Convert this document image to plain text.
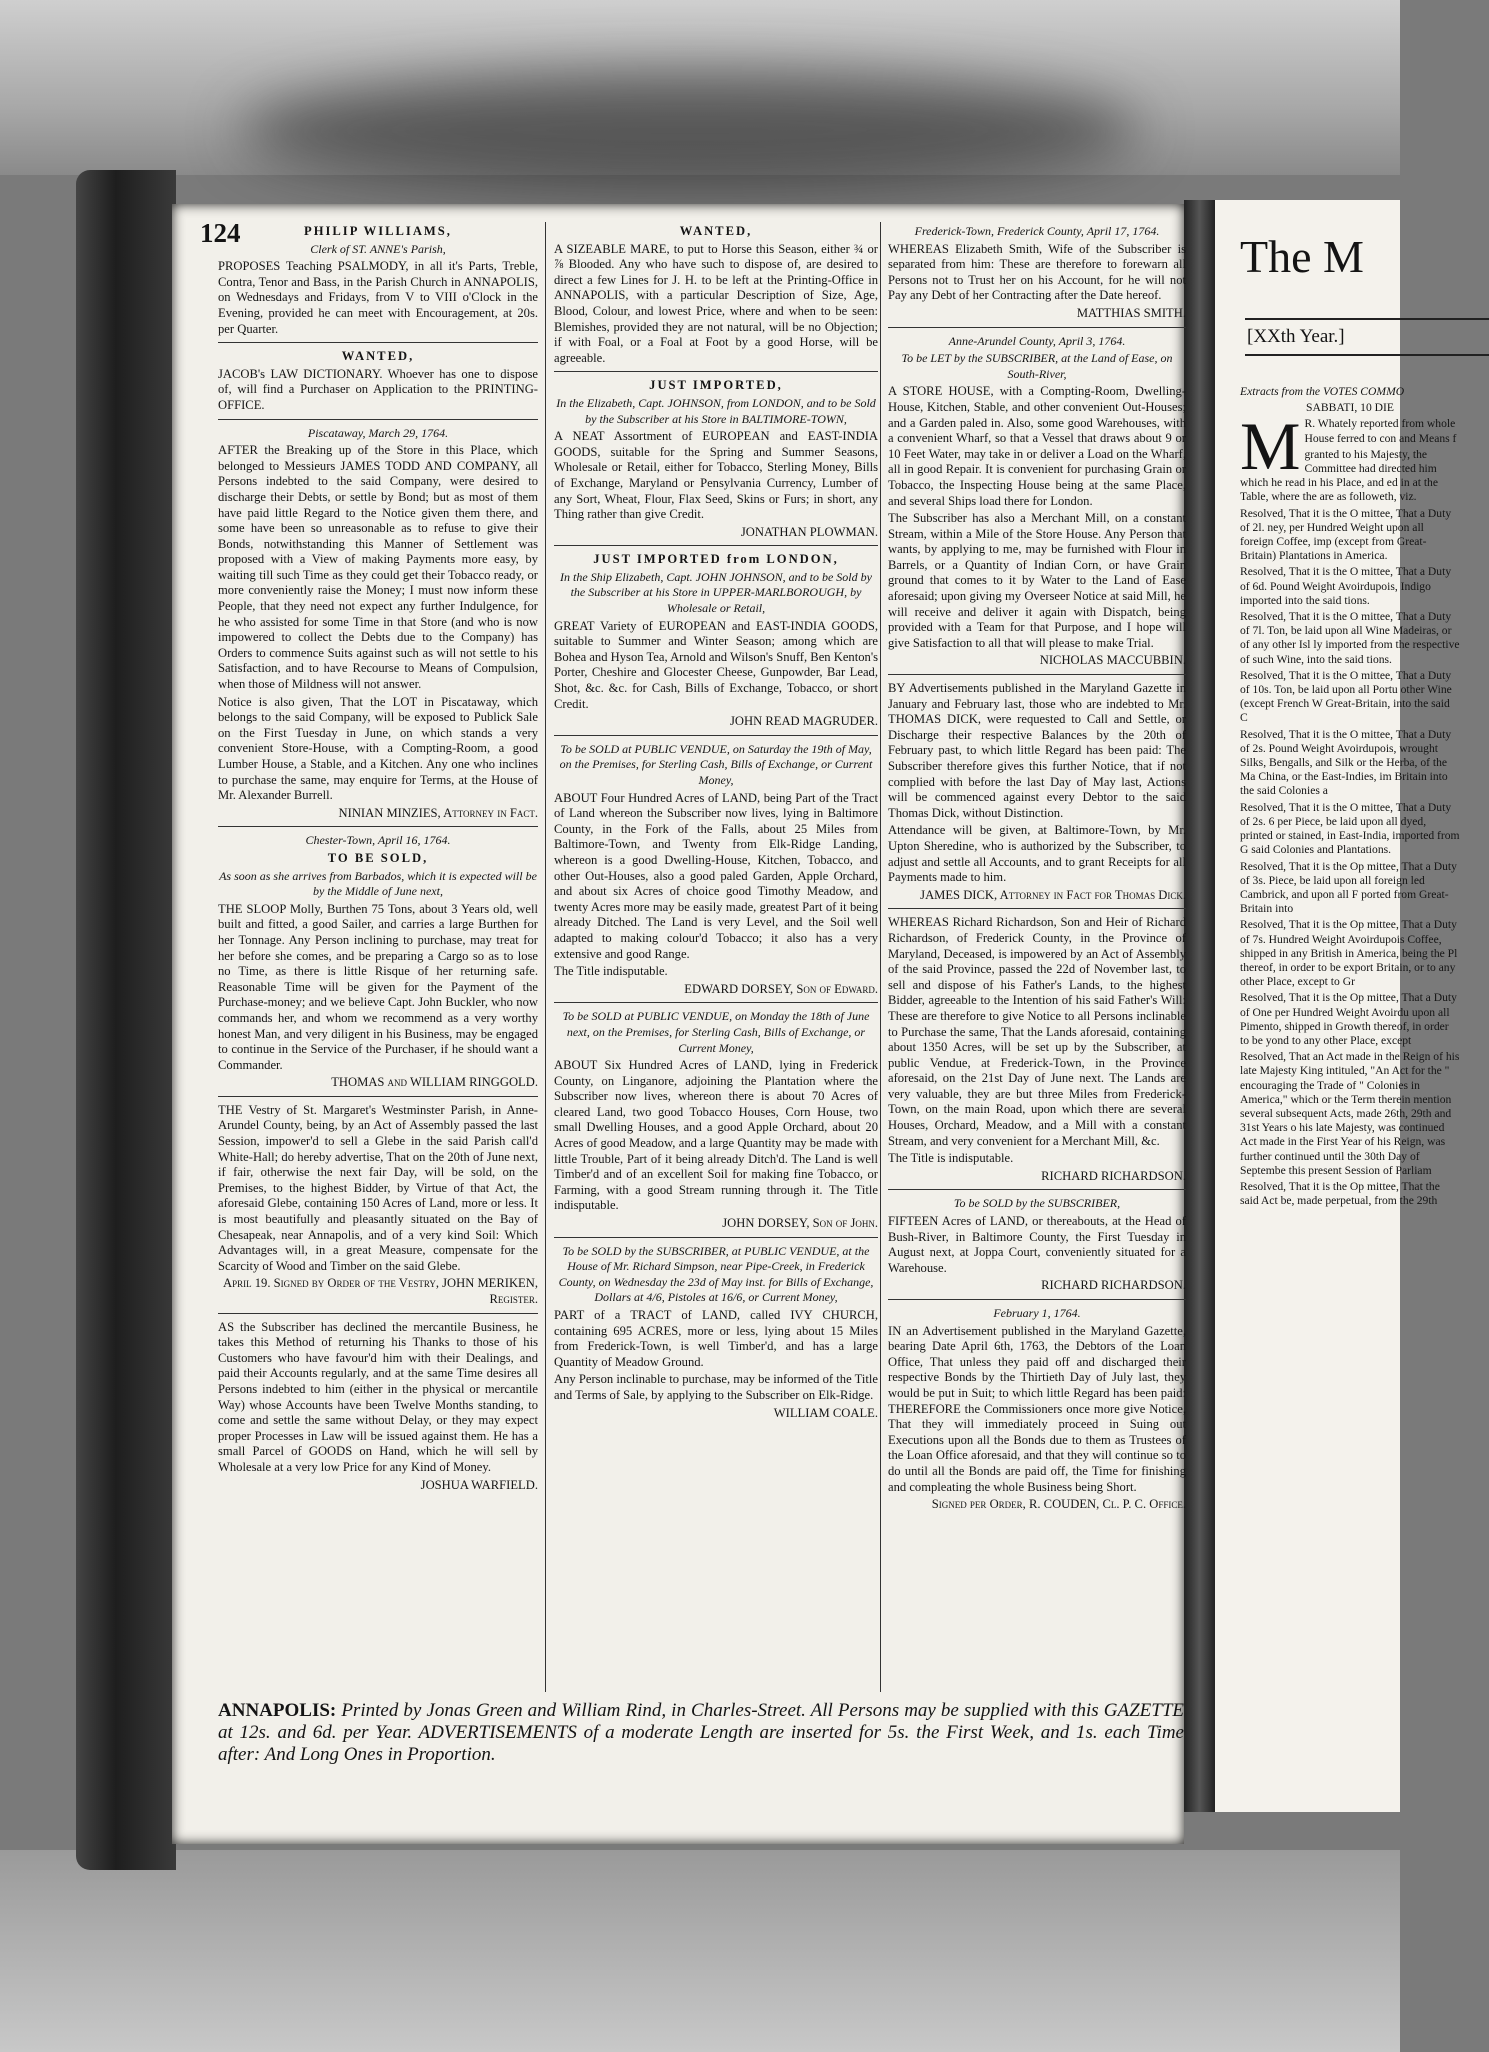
124	PHILIP WILLIAMS,

Clerk of ST. ANNE's Parish,

PROPOSES Teaching PSALMODY, in all it's Parts, Treble, Contra, Tenor and Bass, in the Parish Church in ANNAPOLIS, on Wednesdays and Fridays, from V to VIII o'Clock in the Evening, provided he can meet with Encouragement, at 20s. per Quarter.

WANTED,

JACOB's LAW DICTIONARY. Whoever has one to dispose of, will find a Purchaser on Application to the PRINTING-OFFICE.

Piscataway, March 29, 1764.

AFTER the Breaking up of the Store in this Place, which belonged to Messieurs JAMES TODD AND COMPANY, all Persons indebted to the said Company, were desired to discharge their Debts, or settle by Bond; but as most of them have paid little Regard to the Notice given them there, and some have been so unreasonable as to refuse to give their Bonds, notwithstanding this Manner of Settlement was proposed with a View of making Payments more easy, by waiting till such Time as they could get their Tobacco ready, or more conveniently raise the Money; I must now inform these People, that they need not expect any further Indulgence, for he who assisted for some Time in that Store (and who is now impowered to collect the Debts due to the Company) has Orders to commence Suits against such as will not settle to his Satisfaction, and to have Recourse to Means of Compulsion, when those of Mildness will not answer.

Notice is also given, That the LOT in Piscataway, which belongs to the said Company, will be exposed to Publick Sale on the First Tuesday in June, on which stands a very convenient Store-House, with a Compting-Room, a good Lumber House, a Stable, and a Kitchen. Any one who inclines to purchase the same, may enquire for Terms, at the House of Mr. Alexander Burrell.

NINIAN MINZIES, Attorney in Fact.

Chester-Town, April 16, 1764.

TO BE SOLD,

As soon as she arrives from Barbados, which it is expected will be by the Middle of June next,

THE SLOOP Molly, Burthen 75 Tons, about 3 Years old, well built and fitted, a good Sailer, and carries a large Burthen for her Tonnage. Any Person inclining to purchase, may treat for her before she comes, and be preparing a Cargo so as to lose no Time, as there is little Risque of her returning safe. Reasonable Time will be given for the Payment of the Purchase-money; and we believe Capt. John Buckler, who now commands her, and whom we recommend as a very worthy honest Man, and very diligent in his Business, may be engaged to continue in the Service of the Purchaser, if he should want a Commander.

THOMAS and WILLIAM RINGGOLD.

THE Vestry of St. Margaret's Westminster Parish, in Anne-Arundel County, being, by an Act of Assembly passed the last Session, impower'd to sell a Glebe in the said Parish call'd White-Hall; do hereby advertise, That on the 20th of June next, if fair, otherwise the next fair Day, will be sold, on the Premises, to the highest Bidder, by Virtue of that Act, the aforesaid Glebe, containing 150 Acres of Land, more or less. It is most beautifully and pleasantly situated on the Bay of Chesapeak, near Annapolis, and of a very kind Soil: Which Advantages will, in a great Measure, compensate for the Scarcity of Wood and Timber on the said Glebe.

April 19. Signed by Order of the Vestry, JOHN MERIKEN, Register.

AS the Subscriber has declined the mercantile Business, he takes this Method of returning his Thanks to those of his Customers who have favour'd him with their Dealings, and paid their Accounts regularly, and at the same Time desires all Persons indebted to him (either in the physical or mercantile Way) whose Accounts have been Twelve Months standing, to come and settle the same without Delay, or they may expect proper Processes in Law will be issued against them. He has a small Parcel of GOODS on Hand, which he will sell by Wholesale at a very low Price for any Kind of Money.

JOSHUA WARFIELD.

WANTED,

A SIZEABLE MARE, to put to Horse this Season, either ¾ or ⅞ Blooded. Any who have such to dispose of, are desired to direct a few Lines for J. H. to be left at the Printing-Office in ANNAPOLIS, with a particular Description of Size, Age, Blood, Colour, and lowest Price, where and when to be seen: Blemishes, provided they are not natural, will be no Objection; if with Foal, or a Foal at Foot by a good Horse, will be agreeable.

JUST IMPORTED,

In the Elizabeth, Capt. JOHNSON, from LONDON, and to be Sold by the Subscriber at his Store in BALTIMORE-TOWN,

A NEAT Assortment of EUROPEAN and EAST-INDIA GOODS, suitable for the Spring and Summer Seasons, Wholesale or Retail, either for Tobacco, Sterling Money, Bills of Exchange, Maryland or Pensylvania Currency, Lumber of any Sort, Wheat, Flour, Flax Seed, Skins or Furs; in short, any Thing rather than give Credit.

JONATHAN PLOWMAN.

JUST IMPORTED from LONDON,

In the Ship Elizabeth, Capt. JOHN JOHNSON, and to be Sold by the Subscriber at his Store in UPPER-MARLBOROUGH, by Wholesale or Retail,

GREAT Variety of EUROPEAN and EAST-INDIA GOODS, suitable to Summer and Winter Season; among which are Bohea and Hyson Tea, Arnold and Wilson's Snuff, Ben Kenton's Porter, Cheshire and Glocester Cheese, Gunpowder, Bar Lead, Shot, &c. &c. for Cash, Bills of Exchange, Tobacco, or short Credit.

JOHN READ MAGRUDER.

To be SOLD at PUBLIC VENDUE, on Saturday the 19th of May, on the Premises, for Sterling Cash, Bills of Exchange, or Current Money,

ABOUT Four Hundred Acres of LAND, being Part of the Tract of Land whereon the Subscriber now lives, lying in Baltimore County, in the Fork of the Falls, about 25 Miles from Baltimore-Town, and Twenty from Elk-Ridge Landing, whereon is a good Dwelling-House, Kitchen, Tobacco, and other Out-Houses, also a good paled Garden, Apple Orchard, and about six Acres of choice good Timothy Meadow, and twenty Acres more may be easily made, greatest Part of it being already Ditched. The Land is very Level, and the Soil well adapted to making colour'd Tobacco; it also has a very extensive and good Range.

The Title indisputable.

EDWARD DORSEY, Son of Edward.

To be SOLD at PUBLIC VENDUE, on Monday the 18th of June next, on the Premises, for Sterling Cash, Bills of Exchange, or Current Money,

ABOUT Six Hundred Acres of LAND, lying in Frederick County, on Linganore, adjoining the Plantation where the Subscriber now lives, whereon there is about 70 Acres of cleared Land, two good Tobacco Houses, Corn House, two small Dwelling Houses, and a good Apple Orchard, about 20 Acres of good Meadow, and a large Quantity may be made with little Trouble, Part of it being already Ditch'd. The Land is well Timber'd and of an excellent Soil for making fine Tobacco, or Farming, with a good Stream running through it. The Title indisputable.

JOHN DORSEY, Son of John.

To be SOLD by the SUBSCRIBER, at PUBLIC VENDUE, at the House of Mr. Richard Simpson, near Pipe-Creek, in Frederick County, on Wednesday the 23d of May inst. for Bills of Exchange, Dollars at 4/6, Pistoles at 16/6, or Current Money,

PART of a TRACT of LAND, called IVY CHURCH, containing 695 ACRES, more or less, lying about 15 Miles from Frederick-Town, is well Timber'd, and has a large Quantity of Meadow Ground.

Any Person inclinable to purchase, may be informed of the Title and Terms of Sale, by applying to the Subscriber on Elk-Ridge.

WILLIAM COALE.

Frederick-Town, Frederick County, April 17, 1764.

WHEREAS Elizabeth Smith, Wife of the Subscriber is separated from him: These are therefore to forewarn all Persons not to Trust her on his Account, for he will not Pay any Debt of her Contracting after the Date hereof.

MATTHIAS SMITH.

Anne-Arundel County, April 3, 1764.

To be LET by the SUBSCRIBER, at the Land of Ease, on South-River,

A STORE HOUSE, with a Compting-Room, Dwelling-House, Kitchen, Stable, and other convenient Out-Houses; and a Garden paled in. Also, some good Warehouses, with a convenient Wharf, so that a Vessel that draws about 9 or 10 Feet Water, may take in or deliver a Load on the Wharf, all in good Repair. It is convenient for purchasing Grain or Tobacco, the Inspecting House being at the same Place, and several Ships load there for London.

The Subscriber has also a Merchant Mill, on a constant Stream, within a Mile of the Store House. Any Person that wants, by applying to me, may be furnished with Flour in Barrels, or a Quantity of Indian Corn, or have Grain ground that comes to it by Water to the Land of Ease aforesaid; upon giving my Overseer Notice at said Mill, he will receive and deliver it again with Dispatch, being provided with a Team for that Purpose, and I hope will give Satisfaction to all that will please to make Trial.

NICHOLAS MACCUBBIN.

BY Advertisements published in the Maryland Gazette in January and February last, those who are indebted to Mr. THOMAS DICK, were requested to Call and Settle, or Discharge their respective Balances by the 20th of February past, to which little Regard has been paid: The Subscriber therefore gives this further Notice, that if not complied with before the last Day of May last, Actions will be commenced against every Debtor to the said Thomas Dick, without Distinction.

Attendance will be given, at Baltimore-Town, by Mr. Upton Sheredine, who is authorized by the Subscriber, to adjust and settle all Accounts, and to grant Receipts for all Payments made to him.

JAMES DICK, Attorney in Fact for Thomas Dick.

WHEREAS Richard Richardson, Son and Heir of Richard Richardson, of Frederick County, in the Province of Maryland, Deceased, is impowered by an Act of Assembly of the said Province, passed the 22d of November last, to sell and dispose of his Father's Lands, to the highest Bidder, agreeable to the Intention of his said Father's Will: These are therefore to give Notice to all Persons inclinable to Purchase the same, That the Lands aforesaid, containing about 1350 Acres, will be set up by the Subscriber, at public Vendue, at Frederick-Town, in the Province aforesaid, on the 21st Day of June next. The Lands are very valuable, they are but three Miles from Frederick-Town, on the main Road, upon which there are several Houses, Orchard, Meadow, and a Mill with a constant Stream, and very convenient for a Merchant Mill, &c.

The Title is indisputable.

RICHARD RICHARDSON.

To be SOLD by the SUBSCRIBER,

FIFTEEN Acres of LAND, or thereabouts, at the Head of Bush-River, in Baltimore County, the First Tuesday in August next, at Joppa Court, conveniently situated for a Warehouse.

RICHARD RICHARDSON.

February 1, 1764.

IN an Advertisement published in the Maryland Gazette, bearing Date April 6th, 1763, the Debtors of the Loan Office, That unless they paid off and discharged their respective Bonds by the Thirtieth Day of July last, they would be put in Suit; to which little Regard has been paid: THEREFORE the Commissioners once more give Notice, That they will immediately proceed in Suing out Executions upon all the Bonds due to them as Trustees of the Loan Office aforesaid, and that they will continue so to do until all the Bonds are paid off, the Time for finishing and compleating the whole Business being Short.

Signed per Order, R. COUDEN, Cl. P. C. Office.

ANNAPOLIS: Printed by Jonas Green and William Rind, in Charles-Street. All Persons may be supplied with this GAZETTE at 12s. and 6d. per Year. ADVERTISEMENTS of a moderate Length are inserted for 5s. the First Week, and 1s. each Time after: And Long Ones in Proportion.
The M
[XXth Year.]

Extracts from the VOTES COMMO

SABBATI, 10 DIE

M R. Whately reported from whole House ferred to con and Means f

granted to his Majesty, the Committee had directed him which he read in his Place, and ed in at the Table, where the are as followeth, viz.

Resolved, That it is the O mittee, That a Duty of 2l. ney, per Hundred Weight upon all foreign Coffee, imp (except from Great-Britain) Plantations in America.

Resolved, That it is the O mittee, That a Duty of 6d. Pound Weight Avoirdupois, Indigo imported into the said tions.

Resolved, That it is the O mittee, That a Duty of 7l. Ton, be laid upon all Wine Madeiras, or of any other Isl ly imported from the respective of such Wine, into the said tions.

Resolved, That it is the O mittee, That a Duty of 10s. Ton, be laid upon all Portu other Wine (except French W Great-Britain, into the said C

Resolved, That it is the O mittee, That a Duty of 2s. Pound Weight Avoirdupois, wrought Silks, Bengalls, and Silk or the Herba, of the Ma China, or the East-Indies, im Britain into the said Colonies a

Resolved, That it is the O mittee, That a Duty of 2s. 6 per Piece, be laid upon all dyed, printed or stained, in East-India, imported from G said Colonies and Plantations.

Resolved, That it is the Op mittee, That a Duty of 3s. Piece, be laid upon all foreign led Cambrick, and upon all F ported from Great-Britain into

Resolved, That it is the Op mittee, That a Duty of 7s. Hundred Weight Avoirdupois Coffee, shipped in any British in America, being the Pl thereof, in order to be export Britain, or to any other Place, except to Gr

Resolved, That it is the Op mittee, That a Duty of One per Hundred Weight Avoirdu upon all Pimento, shipped in Growth thereof, in order to be yond to any other Place, except

Resolved, That an Act made in the Reign of his late Majesty King intituled, "An Act for the " encouraging the Trade of " Colonies in America," which or the Term therein mention several subsequent Acts, made 26th, 29th and 31st Years o his late Majesty, was continued Act made in the First Year of his Reign, was further continued until the 30th Day of Septembe this present Session of Parliam

Resolved, That it is the Op mittee, That the said Act be, made perpetual, from the 29th
